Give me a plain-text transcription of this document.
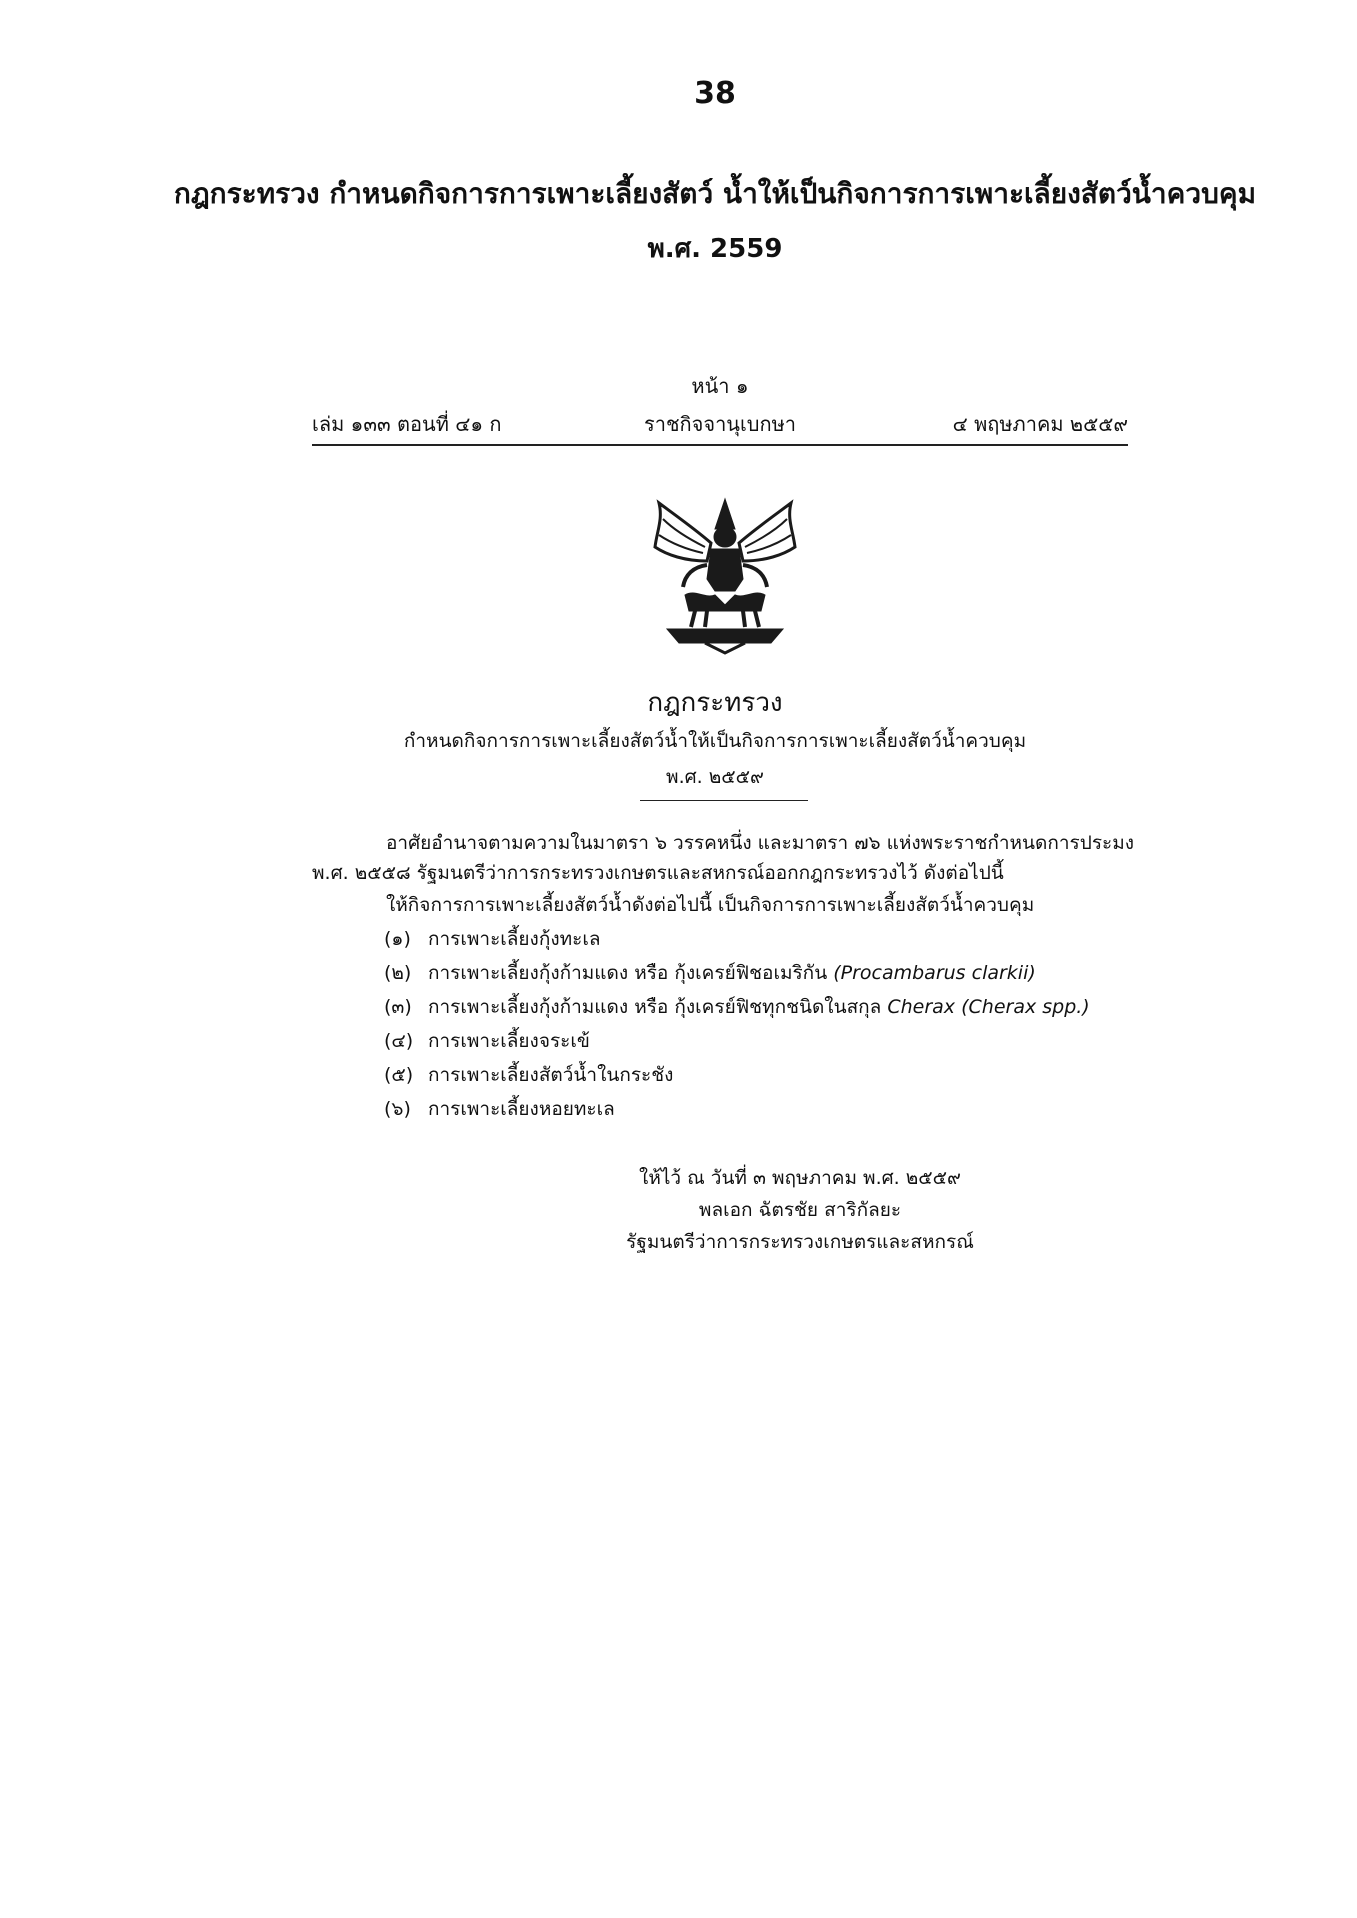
38
กฎกระทรวง กำหนดกิจการการเพาะเลี้ยงสัตว์ น้ำให้เป็นกิจการการเพาะเลี้ยงสัตว์น้ำควบคุม
พ.ศ. 2559
หน้า ๑
เล่ม ๑๓๓ ตอนที่ ๔๑ ก	ราชกิจจานุเบกษา	๔ พฤษภาคม ๒๕๕๙
กฎกระทรวง
กำหนดกิจการการเพาะเลี้ยงสัตว์น้ำให้เป็นกิจการการเพาะเลี้ยงสัตว์น้ำควบคุม
พ.ศ. ๒๕๕๙
อาศัยอำนาจตามความในมาตรา ๖ วรรคหนึ่ง และมาตรา ๗๖ แห่งพระราชกำหนดการประมง
พ.ศ. ๒๕๕๘ รัฐมนตรีว่าการกระทรวงเกษตรและสหกรณ์ออกกฎกระทรวงไว้ ดังต่อไปนี้
ให้กิจการการเพาะเลี้ยงสัตว์น้ำดังต่อไปนี้ เป็นกิจการการเพาะเลี้ยงสัตว์น้ำควบคุม
(๑) การเพาะเลี้ยงกุ้งทะเล
(๒) การเพาะเลี้ยงกุ้งก้ามแดง หรือ กุ้งเครย์ฟิชอเมริกัน (Procambarus clarkii)
(๓) การเพาะเลี้ยงกุ้งก้ามแดง หรือ กุ้งเครย์ฟิชทุกชนิดในสกุล Cherax (Cherax spp.)
(๔) การเพาะเลี้ยงจระเข้
(๕) การเพาะเลี้ยงสัตว์น้ำในกระชัง
(๖) การเพาะเลี้ยงหอยทะเล
ให้ไว้ ณ วันที่ ๓ พฤษภาคม พ.ศ. ๒๕๕๙
พลเอก ฉัตรชัย สาริกัลยะ
รัฐมนตรีว่าการกระทรวงเกษตรและสหกรณ์
